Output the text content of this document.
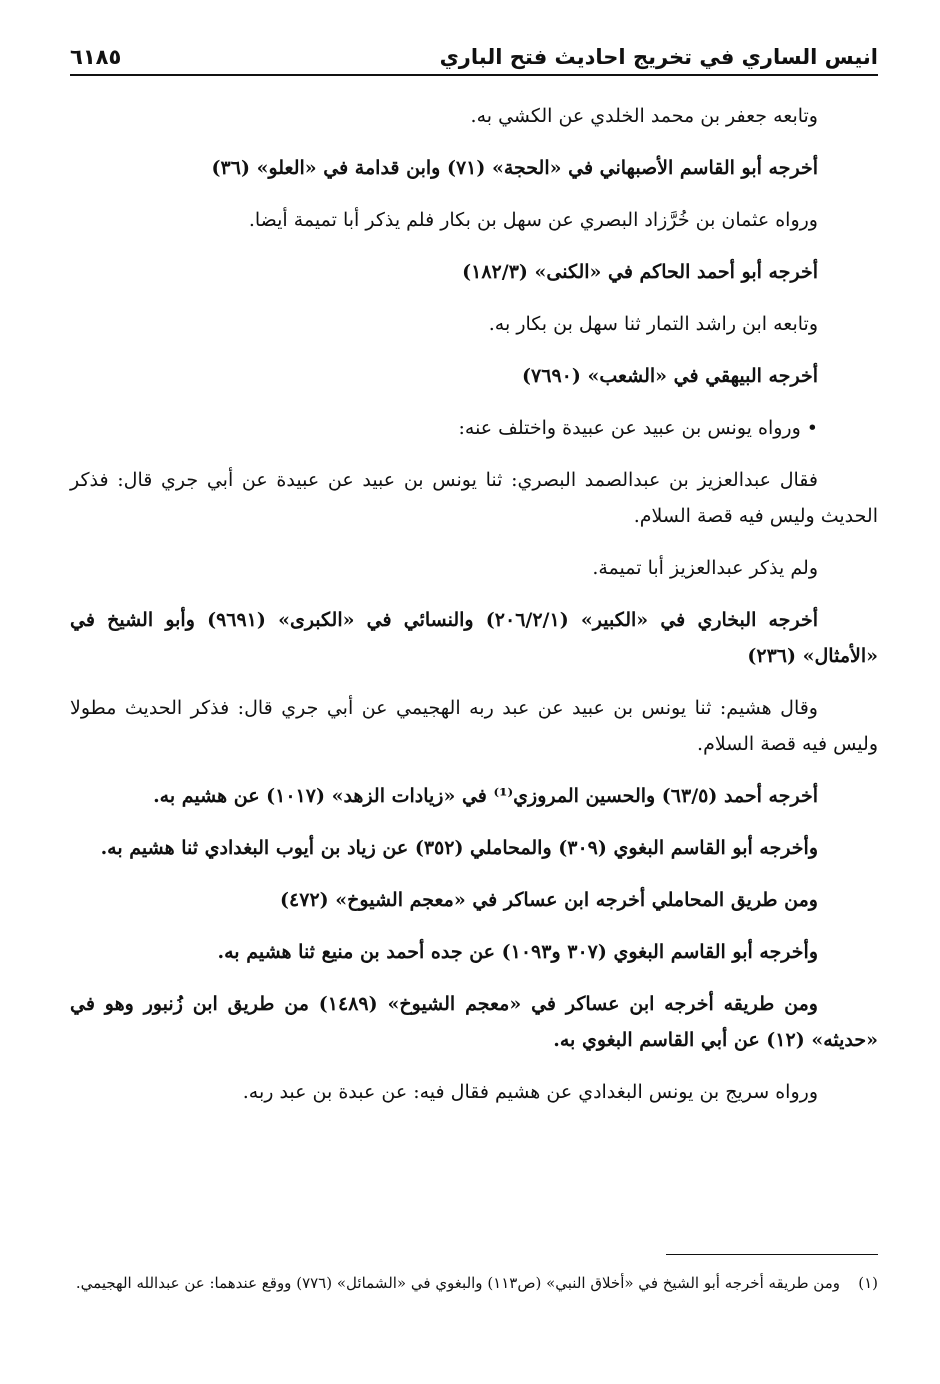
انيس الساري في تخريج احاديث فتح الباري
٦١٨٥

وتابعه جعفر بن محمد الخلدي عن الكشي به.

أخرجه أبو القاسم الأصبهاني في «الحجة» (٧١) وابن قدامة في «العلو» (٣٦)

ورواه عثمان بن خُرَّزاد البصري عن سهل بن بكار فلم يذكر أبا تميمة أيضا.

أخرجه أبو أحمد الحاكم في «الكنى» (١٨٢/٣)

وتابعه ابن راشد التمار ثنا سهل بن بكار به.

أخرجه البيهقي في «الشعب» (٧٦٩٠)

• ورواه يونس بن عبيد عن عبيدة واختلف عنه:

فقال عبدالعزيز بن عبدالصمد البصري: ثنا يونس بن عبيد عن عبيدة عن أبي جري قال: فذكر الحديث وليس فيه قصة السلام.

ولم يذكر عبدالعزيز أبا تميمة.

أخرجه البخاري في «الكبير» (٢٠٦/٢/١) والنسائي في «الكبرى» (٩٦٩١) وأبو الشيخ في «الأمثال» (٢٣٦)

وقال هشيم: ثنا يونس بن عبيد عن عبد ربه الهجيمي عن أبي جري قال: فذكر الحديث مطولا وليس فيه قصة السلام.

أخرجه أحمد (٦٣/٥) والحسين المروزي⁽¹⁾ في «زيادات الزهد» (١٠١٧) عن هشيم به.

وأخرجه أبو القاسم البغوي (٣٠٩) والمحاملي (٣٥٢) عن زياد بن أيوب البغدادي ثنا هشيم به.

ومن طريق المحاملي أخرجه ابن عساكر في «معجم الشيوخ» (٤٧٢)

وأخرجه أبو القاسم البغوي (٣٠٧ و١٠٩٣) عن جده أحمد بن منيع ثنا هشيم به.

ومن طريقه أخرجه ابن عساكر في «معجم الشيوخ» (١٤٨٩) من طريق ابن زُنبور وهو في «حديثه» (١٢) عن أبي القاسم البغوي به.

ورواه سريج بن يونس البغدادي عن هشيم فقال فيه: عن عبدة بن عبد ربه.

(١)ومن طريقه أخرجه أبو الشيخ في «أخلاق النبي» (ص١١٣) والبغوي في «الشمائل» (٧٧٦) ووقع عندهما: عن عبدالله الهجيمي.
